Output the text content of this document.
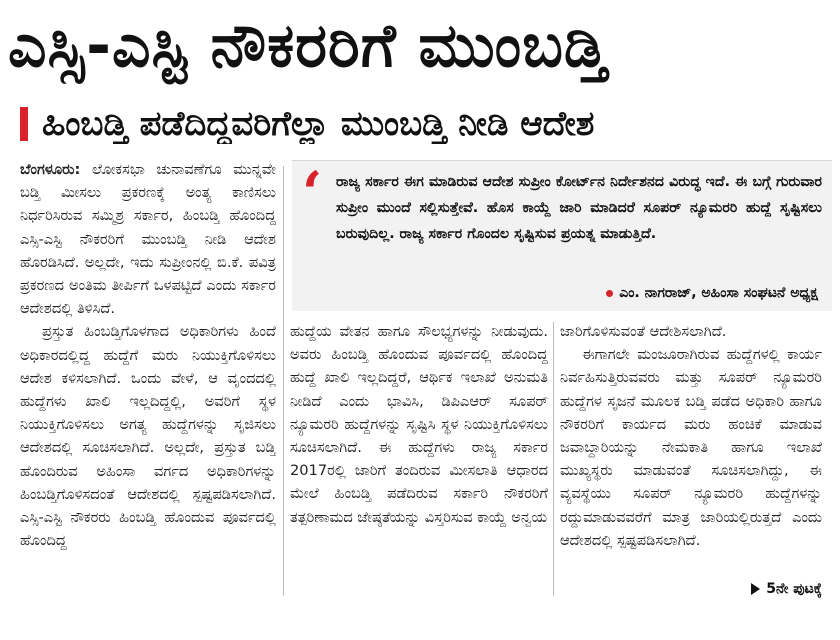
ಎಸ್ಸಿ-ಎಸ್ಟಿ ನೌಕರರಿಗೆ ಮುಂಬಡ್ತಿ
ಹಿಂಬಡ್ತಿ ಪಡೆದಿದ್ದವರಿಗೆಲ್ಲಾ ಮುಂಬಡ್ತಿ ನೀಡಿ ಆದೇಶ

ಬೆಂಗಳೂರು: ಲೋಕಸಭಾ ಚುನಾವಣೆಗೂ ಮುನ್ನವೇ ಬಡ್ತಿ ಮೀಸಲು ಪ್ರಕರಣಕ್ಕೆ ಅಂತ್ಯ ಕಾಣಿಸಲು ನಿರ್ಧರಿಸಿರುವ ಸಮ್ಮಿಶ್ರ ಸರ್ಕಾರ, ಹಿಂಬಡ್ತಿ ಹೊಂದಿದ್ದ ಎಸ್ಸಿ-ಎಸ್ಟಿ ನೌಕರರಿಗೆ ಮುಂಬಡ್ತಿ ನೀಡಿ ಆದೇಶ ಹೊರಡಿಸಿದೆ. ಅಲ್ಲದೇ, ಇದು ಸುಪ್ರೀಂನಲ್ಲಿ ಬಿ.ಕೆ. ಪವಿತ್ರ ಪ್ರಕರಣದ ಅಂತಿಮ ತೀರ್ಪಿಗೆ ಒಳಪಟ್ಟಿದೆ ಎಂದು ಸರ್ಕಾರ ಆದೇಶದಲ್ಲಿ ತಿಳಿಸಿದೆ.

ಪ್ರಸ್ತುತ ಹಿಂಬಡ್ತಿಗೊಳಗಾದ ಅಧಿಕಾರಿಗಳು ಹಿಂದೆ ಅಧಿಕಾರದಲ್ಲಿದ್ದ ಹುದ್ದೆಗೆ ಮರು ನಿಯುಕ್ತಿಗೊಳಿಸಲು ಆದೇಶ ಕಳಿಸಲಾಗಿದೆ. ಒಂದು ವೇಳೆ, ಆ ವೃಂದದಲ್ಲಿ ಹುದ್ದೆಗಳು ಖಾಲಿ ಇಲ್ಲದಿದ್ದಲ್ಲಿ, ಅವರಿಗೆ ಸ್ಥಳ ನಿಯುಕ್ತಿಗೊಳಿಸಲು ಅಗತ್ಯ ಹುದ್ದೆಗಳನ್ನು ಸೃಜಿಸಲು ಆದೇಶದಲ್ಲಿ ಸೂಚಿಸಲಾಗಿದೆ. ಅಲ್ಲದೇ, ಪ್ರಸ್ತುತ ಬಡ್ತಿ ಹೊಂದಿರುವ ಅಹಿಂಸಾ ವರ್ಗದ ಅಧಿಕಾರಿಗಳನ್ನು ಹಿಂಬಡ್ತಿಗೊಳಿಸದಂತೆ ಆದೇಶದಲ್ಲಿ ಸ್ಪಷ್ಟಪಡಿಸಲಾಗಿದೆ. ಎಸ್ಸಿ-ಎಸ್ಟಿ ನೌಕರರು ಹಿಂಬಡ್ತಿ ಹೊಂದುವ ಪೂರ್ವದಲ್ಲಿ ಹೊಂದಿದ್ದ

‘ ರಾಜ್ಯ ಸರ್ಕಾರ ಈಗ ಮಾಡಿರುವ ಆದೇಶ ಸುಪ್ರೀಂ ಕೋರ್ಟ್‌ನ ನಿರ್ದೇಶನದ ವಿರುದ್ಧ ಇದೆ. ಈ ಬಗ್ಗೆ ಗುರುವಾರ ಸುಪ್ರೀಂ ಮುಂದೆ ಸಲ್ಲಿಸುತ್ತೇವೆ. ಹೊಸ ಕಾಯ್ದೆ ಜಾರಿ ಮಾಡಿದರೆ ಸೂಪರ್ ನ್ಯೂಮರರಿ ಹುದ್ದೆ ಸೃಷ್ಟಿಸಲು ಬರುವುದಿಲ್ಲ. ರಾಜ್ಯ ಸರ್ಕಾರ ಗೊಂದಲ ಸೃಷ್ಟಿಸುವ ಪ್ರಯತ್ನ ಮಾಡುತ್ತಿದೆ.
ಎಂ. ನಾಗರಾಜ್, ಅಹಿಂಸಾ ಸಂಘಟನೆ ಅಧ್ಯಕ್ಷ

ಹುದ್ದೆಯ ವೇತನ ಹಾಗೂ ಸೌಲಭ್ಯಗಳನ್ನು ನೀಡುವುದು. ಅವರು ಹಿಂಬಡ್ತಿ ಹೊಂದುವ ಪೂರ್ವದಲ್ಲಿ ಹೊಂದಿದ್ದ ಹುದ್ದೆ ಖಾಲಿ ಇಲ್ಲದಿದ್ದರೆ, ಆರ್ಥಿಕ ಇಲಾಖೆ ಅನುಮತಿ ನೀಡಿದೆ ಎಂದು ಭಾವಿಸಿ, ಡಿಪಿಎಆರ್ ಸೂಪರ್ ನ್ಯೂಮರರಿ ಹುದ್ದೆಗಳನ್ನು ಸೃಷ್ಟಿಸಿ ಸ್ಥಳ ನಿಯುಕ್ತಿಗೊಳಿಸಲು ಸೂಚಿಸಲಾಗಿದೆ. ಈ ಹುದ್ದೆಗಳು ರಾಜ್ಯ ಸರ್ಕಾರ 2017ರಲ್ಲಿ ಜಾರಿಗೆ ತಂದಿರುವ ಮೀಸಲಾತಿ ಆಧಾರದ ಮೇಲೆ ಹಿಂಬಡ್ತಿ ಪಡೆದಿರುವ ಸರ್ಕಾರಿ ನೌಕರರಿಗೆ ತತ್ಪರಿಣಾಮದ ಜೇಷ್ಠತೆಯನ್ನು ವಿಸ್ತರಿಸುವ ಕಾಯ್ದೆ ಅನ್ವಯ

ಜಾರಿಗೊಳಿಸುವಂತೆ ಆದೇಶಿಸಲಾಗಿದೆ.

ಈಗಾಗಲೇ ಮಂಜೂರಾಗಿರುವ ಹುದ್ದೆಗಳಲ್ಲಿ ಕಾರ್ಯ ನಿರ್ವಹಿಸುತ್ತಿರುವವರು ಮತ್ತು ಸೂಪರ್ ನ್ಯೂಮರರಿ ಹುದ್ದೆಗಳ ಸೃಜನೆ ಮೂಲಕ ಬಡ್ತಿ ಪಡೆದ ಅಧಿಕಾರಿ ಹಾಗೂ ನೌಕರರಿಗೆ ಕಾರ್ಯದ ಮರು ಹಂಚಿಕೆ ಮಾಡುವ ಜವಾಬ್ದಾರಿಯನ್ನು ನೇಮಕಾತಿ ಹಾಗೂ ಇಲಾಖೆ ಮುಖ್ಯಸ್ಥರು ಮಾಡುವಂತೆ ಸೂಚಿಸಲಾಗಿದ್ದು, ಈ ವ್ಯವಸ್ಥೆಯು ಸೂಪರ್ ನ್ಯೂಮರರಿ ಹುದ್ದೆಗಳನ್ನು ರದ್ದುಮಾಡುವವರೆಗೆ ಮಾತ್ರ ಜಾರಿಯಲ್ಲಿರುತ್ತದೆ ಎಂದು ಆದೇಶದಲ್ಲಿ ಸ್ಪಷ್ಟಪಡಿಸಲಾಗಿದೆ.

5ನೇ ಪುಟಕ್ಕೆ
